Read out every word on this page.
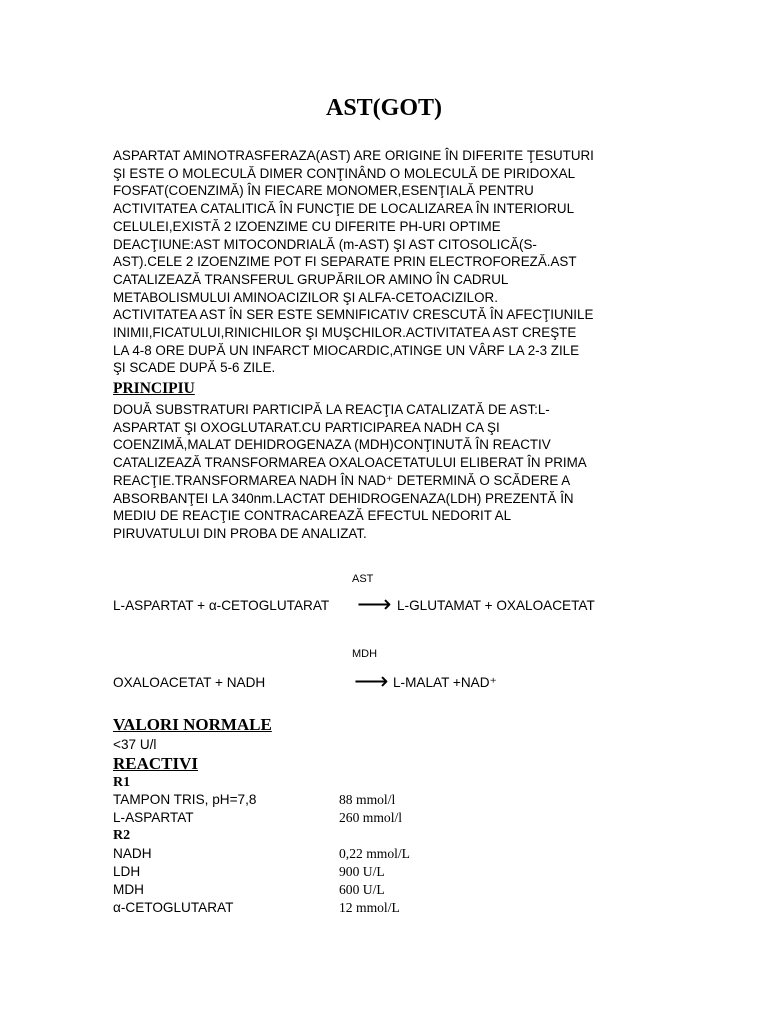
AST(GOT)
ASPARTAT AMINOTRASFERAZA(AST) ARE ORIGINE ÎN DIFERITE ŢESUTURI
ŞI ESTE O MOLECULĂ DIMER CONŢINÂND O MOLECULĂ DE PIRIDOXAL
FOSFAT(COENZIMĂ) ÎN FIECARE MONOMER,ESENŢIALĂ PENTRU
ACTIVITATEA CATALITICĂ ÎN FUNCŢIE DE LOCALIZAREA ÎN INTERIORUL
CELULEI,EXISTĂ 2 IZOENZIME CU DIFERITE PH-URI OPTIME
DEACŢIUNE:AST MITOCONDRIALĂ (m-AST) ŞI AST CITOSOLICĂ(S-
AST).CELE 2 IZOENZIME POT FI SEPARATE PRIN ELECTROFOREZĂ.AST
CATALIZEAZĂ TRANSFERUL GRUPĂRILOR AMINO ÎN CADRUL
METABOLISMULUI AMINOACIZILOR ŞI ALFA-CETOACIZILOR.
ACTIVITATEA AST ÎN SER ESTE SEMNIFICATIV CRESCUTĂ ÎN AFECŢIUNILE
INIMII,FICATULUI,RINICHILOR ŞI MUŞCHILOR.ACTIVITATEA AST CREŞTE
LA 4-8 ORE DUPĂ UN INFARCT MIOCARDIC,ATINGE UN VÂRF LA 2-3 ZILE
ŞI SCADE DUPĂ 5-6 ZILE.
PRINCIPIU
DOUĂ SUBSTRATURI PARTICIPĂ LA REACŢIA CATALIZATĂ DE AST:L-
ASPARTAT ŞI OXOGLUTARAT.CU PARTICIPAREA NADH CA ŞI
COENZIMĂ,MALAT DEHIDROGENAZA (MDH)CONŢINUTĂ ÎN REACTIV
CATALIZEAZĂ TRANSFORMAREA OXALOACETATULUI ELIBERAT ÎN PRIMA
REACŢIE.TRANSFORMAREA NADH ÎN NAD⁺ DETERMINĂ O SCĂDERE A
ABSORBANŢEI LA 340nm.LACTAT DEHIDROGENAZA(LDH) PREZENTĂ ÎN
MEDIU DE REACŢIE CONTRACAREAZĂ EFECTUL NEDORIT AL
PIRUVATULUI DIN PROBA DE ANALIZAT.
AST
L-ASPARTAT + α-CETOGLUTARAT ⟶ L-GLUTAMAT + OXALOACETAT
MDH
OXALOACETAT + NADH	⟶ L-MALAT +NAD⁺
VALORI NORMALE
<37 U/l
REACTIVI
R1
TAMPON TRIS, pH=7,8	88 mmol/l
L-ASPARTAT	260 mmol/l
R2
NADH	0,22 mmol/L
LDH	900 U/L
MDH	600 U/L
α-CETOGLUTARAT	12 mmol/L
